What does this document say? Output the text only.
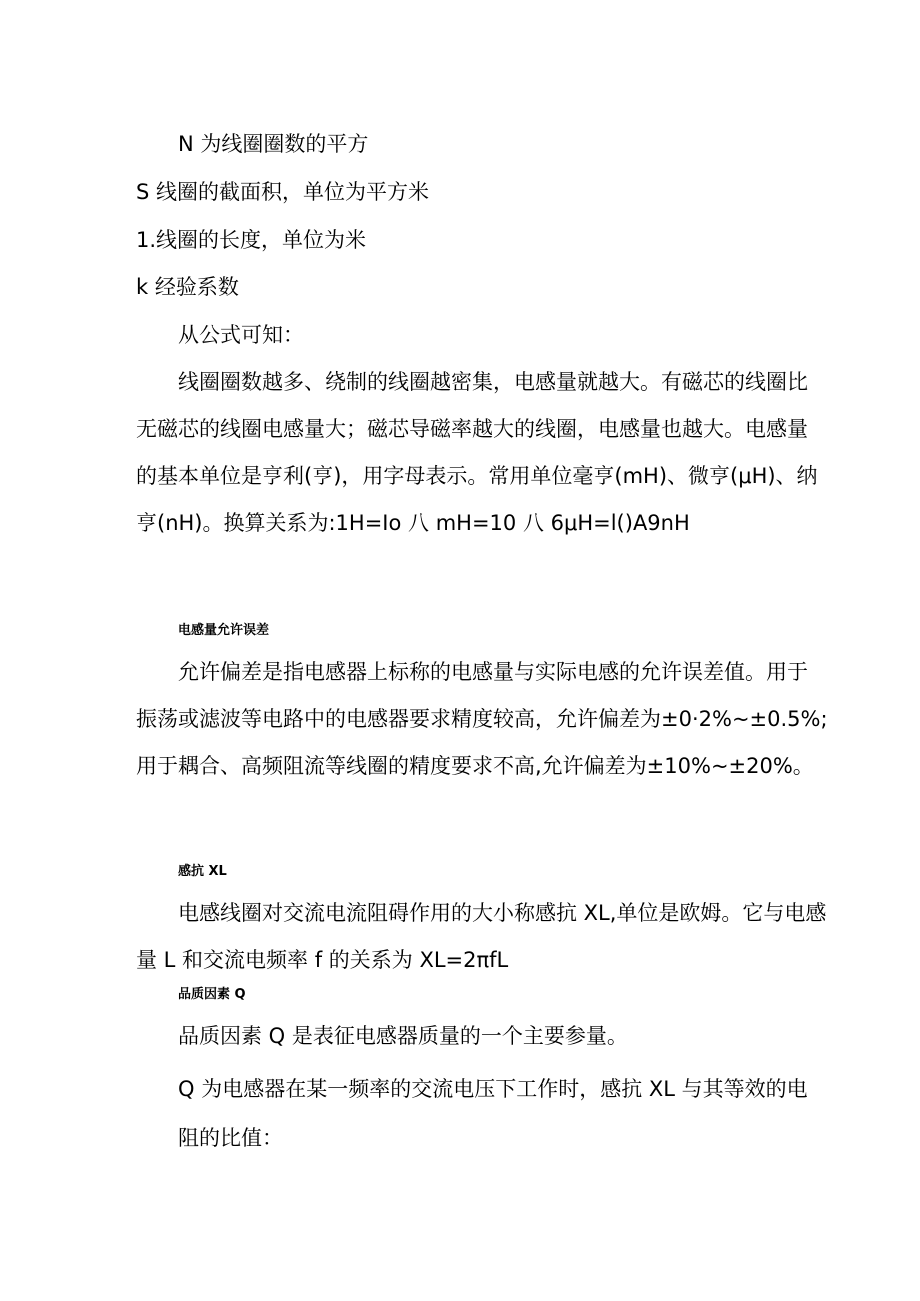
N 为线圈圈数的平方
S 线圈的截面积，单位为平方米
1.线圈的长度，单位为米
k 经验系数
从公式可知：
线圈圈数越多、绕制的线圈越密集，电感量就越大。有磁芯的线圈比
无磁芯的线圈电感量大；磁芯导磁率越大的线圈，电感量也越大。电感量
的基本单位是亨利(亨)，用字母表示。常用单位毫亨(mH)、微亨(μH)、纳
亨(nH)。换算关系为:1H=Io 八 mH=10 八 6μH=l()A9nH
电感量允许误差
允许偏差是指电感器上标称的电感量与实际电感的允许误差值。用于
振荡或滤波等电路中的电感器要求精度较高，允许偏差为±0·2%~±0.5%;
用于耦合、高频阻流等线圈的精度要求不高,允许偏差为±10%~±20%。
感抗 XL
电感线圈对交流电流阻碍作用的大小称感抗 XL,单位是欧姆。它与电感
量 L 和交流电频率 f 的关系为 XL=2πfL
品质因素 Q
品质因素 Q 是表征电感器质量的一个主要参量。
Q 为电感器在某一频率的交流电压下工作时，感抗 XL 与其等效的电
阻的比值：
